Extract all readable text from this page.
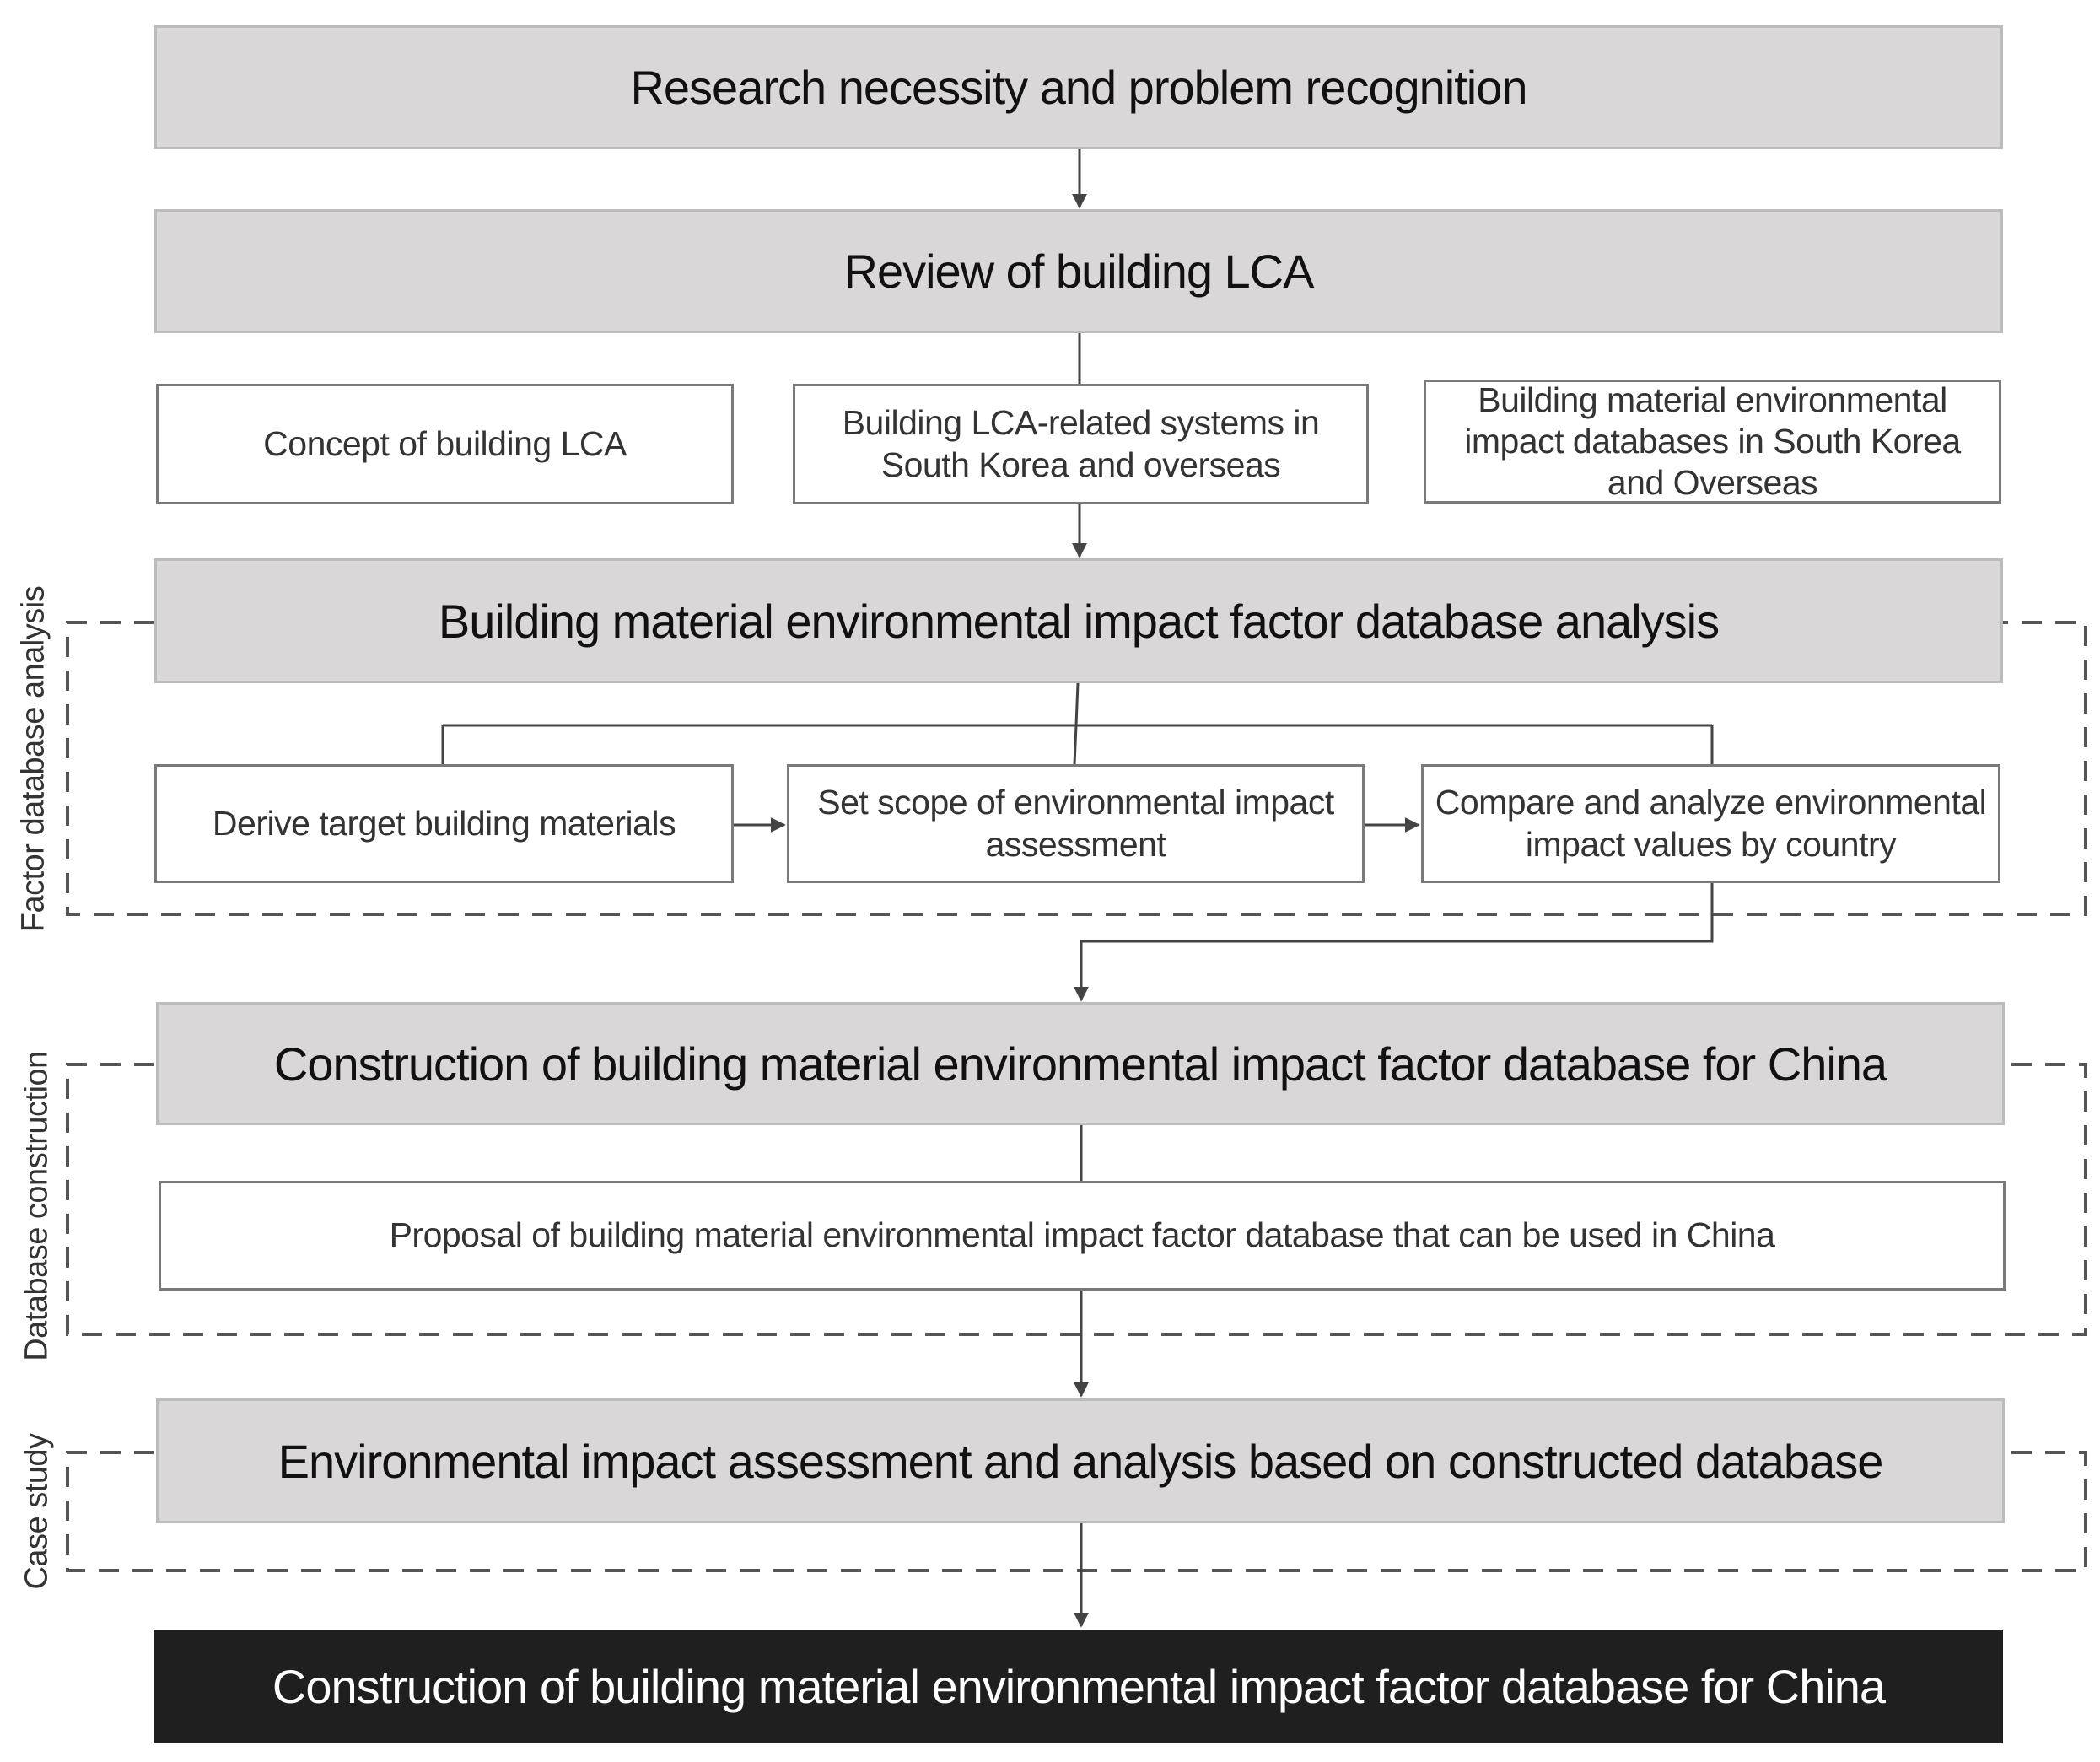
Research necessity and problem recognition
Review of building LCA
Concept of building LCA
Building LCA-related systems in South Korea and overseas
Building material environmental impact databases in South Korea and Overseas
Building material environmental impact factor database analysis
Derive target building materials
Set scope of environmental impact assessment
Compare and analyze environmental impact values by country
Construction of building material environmental impact factor database for China
Proposal of building material environmental impact factor database that can be used in China
Environmental impact assessment and analysis based on constructed database
Construction of building material environmental impact factor database for China
Factor database analysis
Database construction
Case study
